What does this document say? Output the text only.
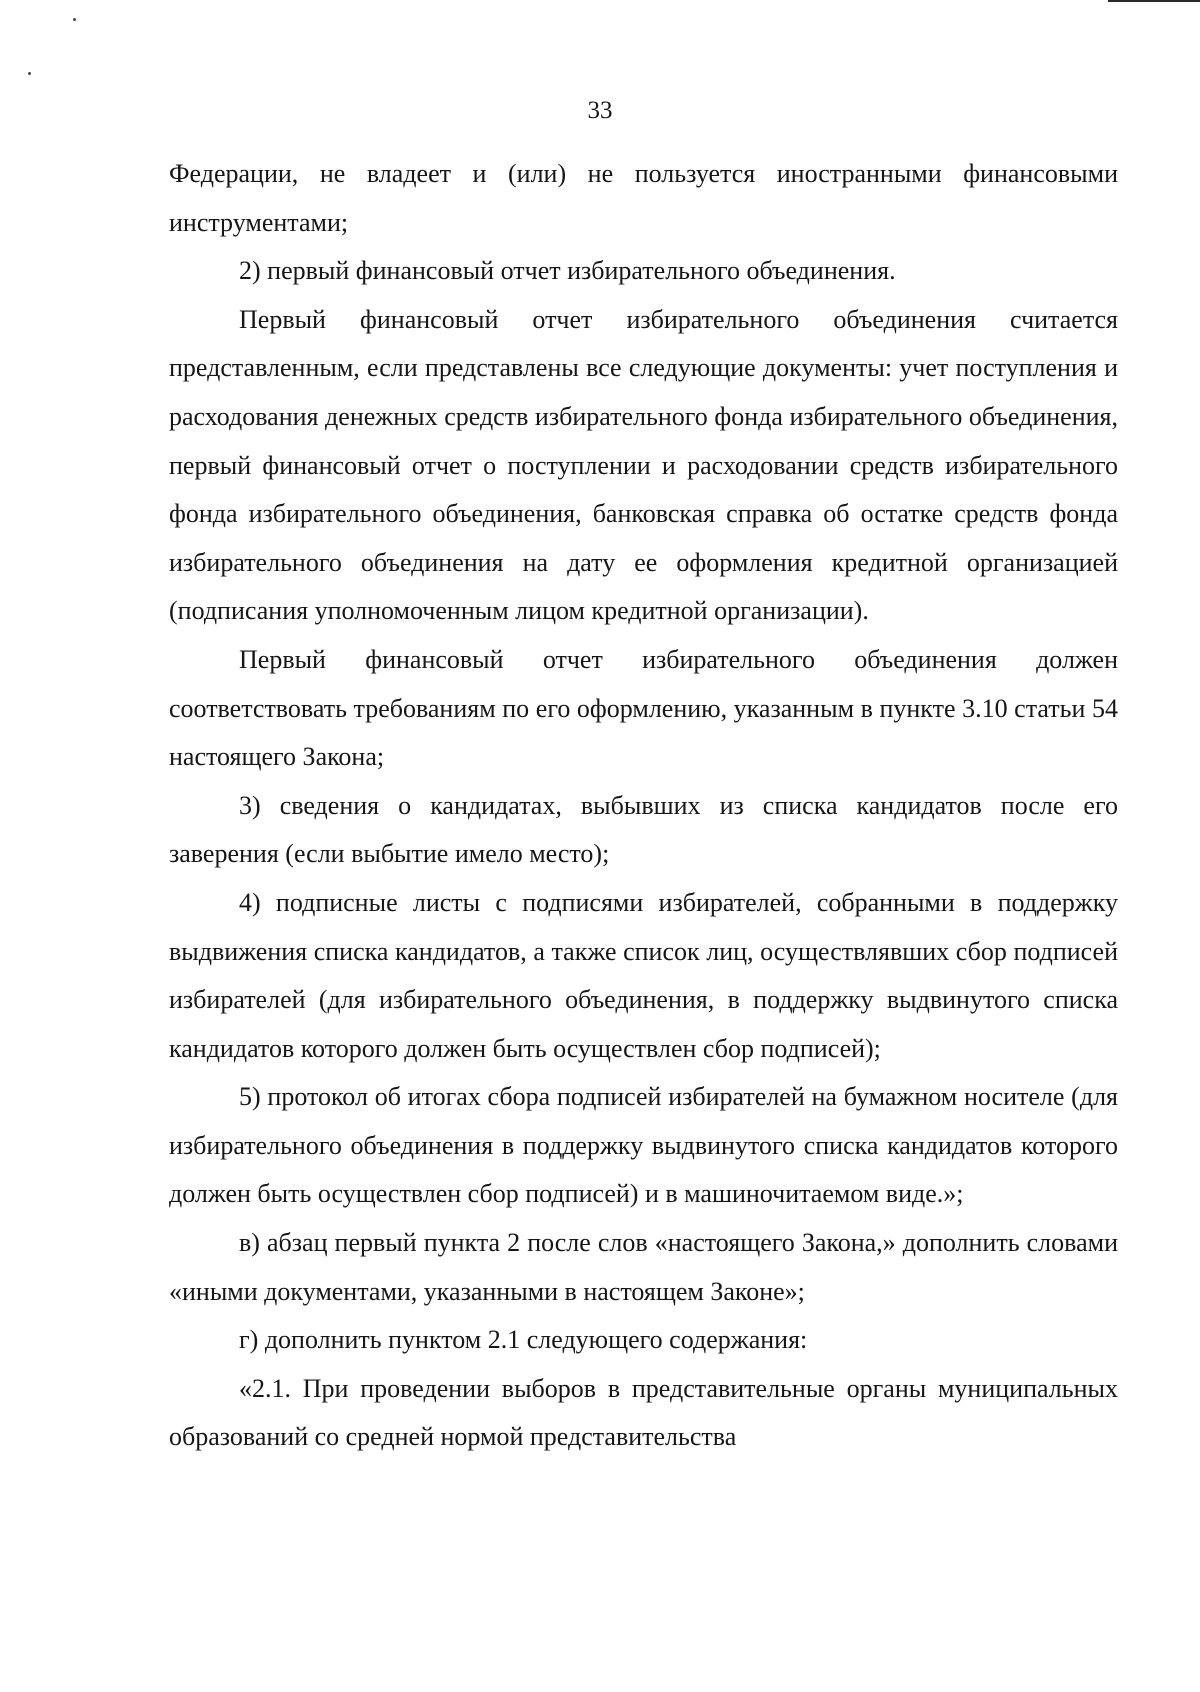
33

Федерации, не владеет и (или) не пользуется иностранными финансовыми инструментами;

2) первый финансовый отчет избирательного объединения.

Первый финансовый отчет избирательного объединения считается представленным, если представлены все следующие документы: учет поступления и расходования денежных средств избирательного фонда избирательного объединения, первый финансовый отчет о поступлении и расходовании средств избирательного фонда избирательного объединения, банковская справка об остатке средств фонда избирательного объединения на дату ее оформления кредитной организацией (подписания уполномоченным лицом кредитной организации).

Первый финансовый отчет избирательного объединения должен соответствовать требованиям по его оформлению, указанным в пункте 3.10 статьи 54 настоящего Закона;

3) сведения о кандидатах, выбывших из списка кандидатов после его заверения (если выбытие имело место);

4) подписные листы с подписями избирателей, собранными в поддержку выдвижения списка кандидатов, а также список лиц, осуществлявших сбор подписей избирателей (для избирательного объединения, в поддержку выдвинутого списка кандидатов которого должен быть осуществлен сбор подписей);

5) протокол об итогах сбора подписей избирателей на бумажном носителе (для избирательного объединения в поддержку выдвинутого списка кандидатов которого должен быть осуществлен сбор подписей) и в машиночитаемом виде.»;

в) абзац первый пункта 2 после слов «настоящего Закона,» дополнить словами «иными документами, указанными в настоящем Законе»;

г) дополнить пунктом 2.1 следующего содержания:

«2.1. При проведении выборов в представительные органы муниципальных образований со средней нормой представительства
